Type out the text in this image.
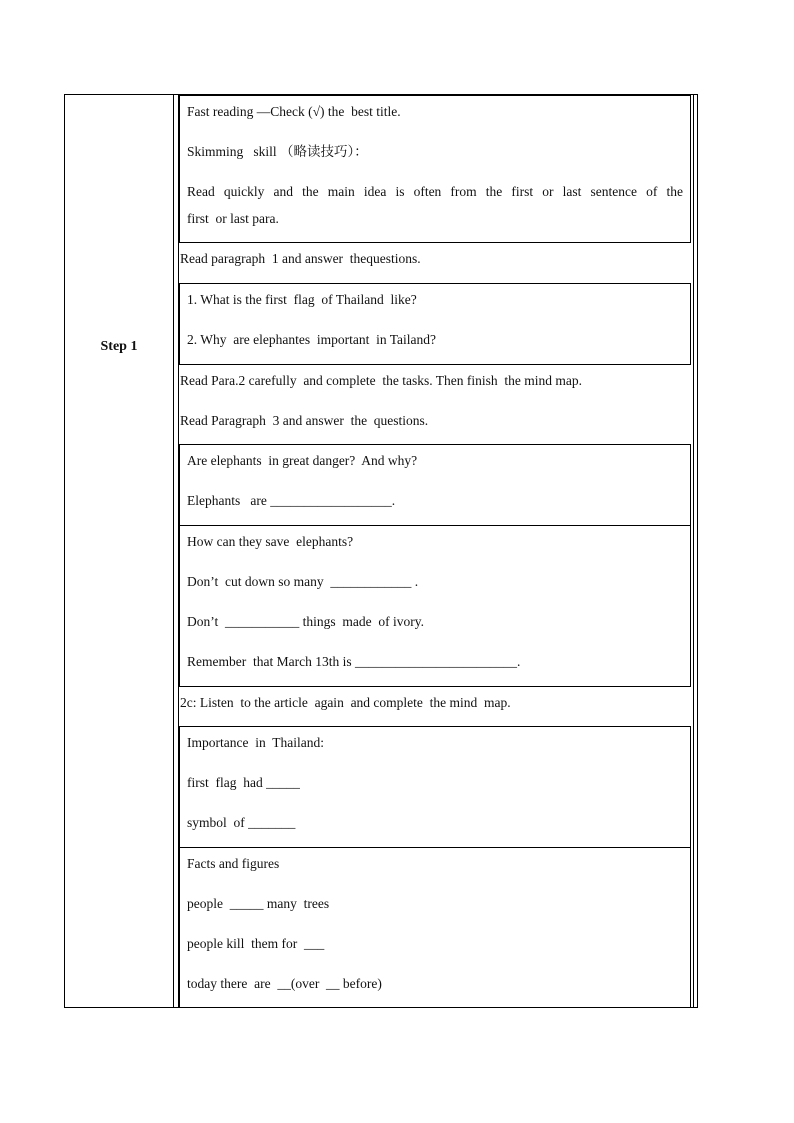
Step 1
Fast reading —Check (√) the  best title.
Skimming   skill （略读技巧）：
Read quickly and the main idea is often from the first or last sentence of the
first  or last para.
Read paragraph  1 and answer  thequestions.
1. What is the first  flag  of Thailand  like?
2. Why  are elephantes  important  in Tailand?
Read Para.2 carefully  and complete  the tasks. Then finish  the mind map.
Read Paragraph  3 and answer  the  questions.
Are elephants  in great danger?  And why?
Elephants   are __________________.
How can they save  elephants?
Don’t  cut down so many  ____________ .
Don’t  ___________ things  made  of ivory.
Remember  that March 13th is ________________________.
2c: Listen  to the article  again  and complete  the mind  map.
Importance  in  Thailand:
first  flag  had _____
symbol  of _______
Facts and figures
people  _____ many  trees
people kill  them for  ___
today there  are  __(over  __ before)
